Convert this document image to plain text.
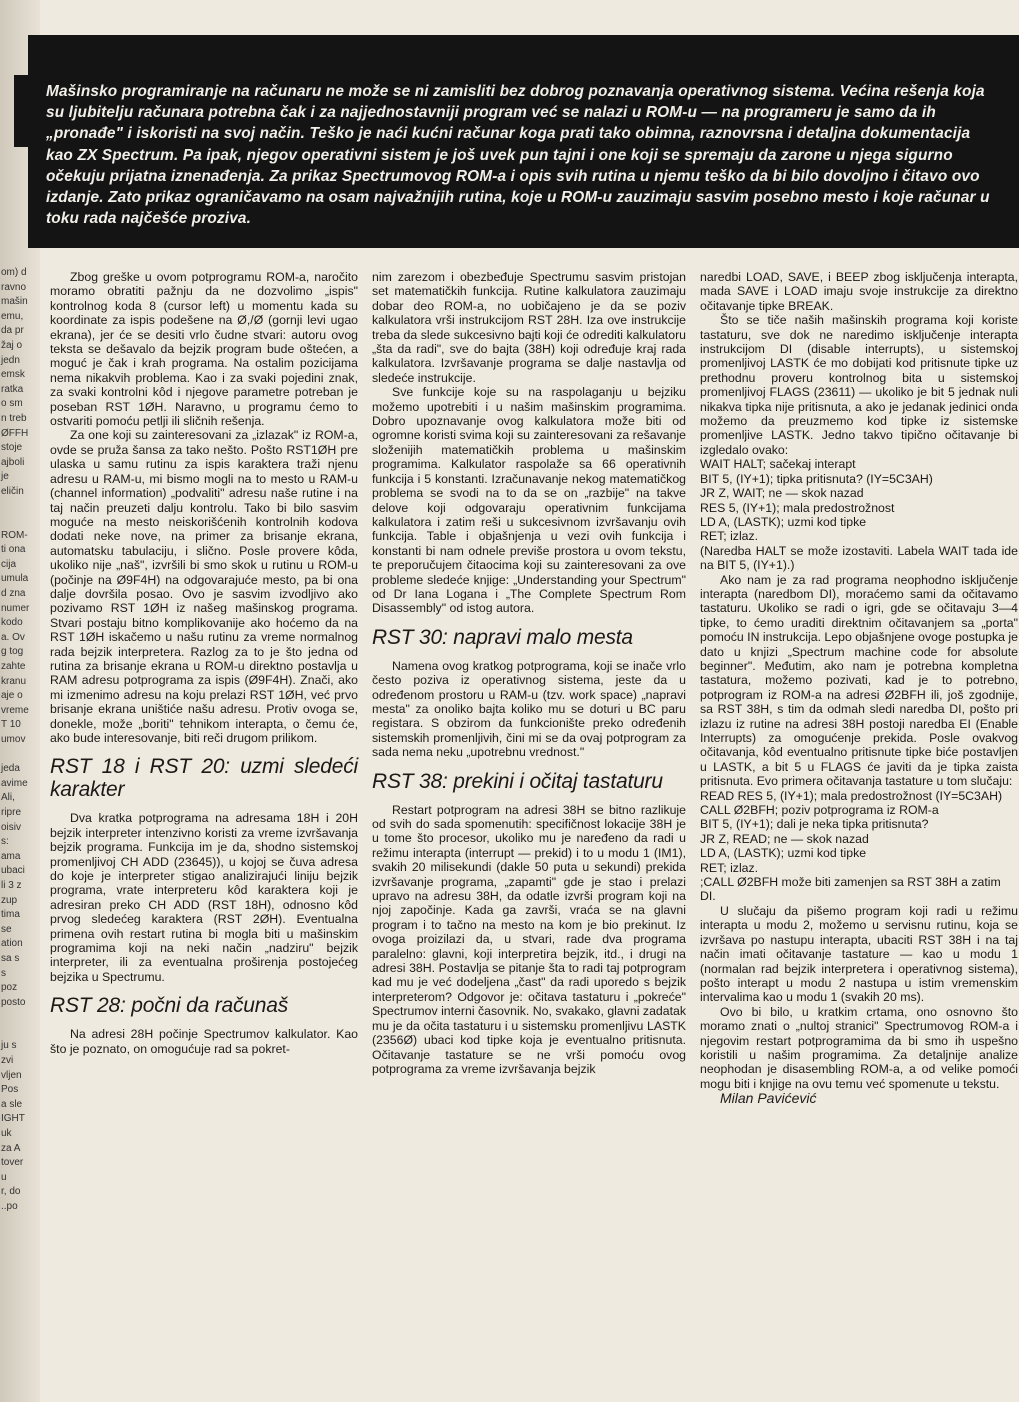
om) d
ravno
mašin
emu,
da pr
žaj o
jedn
emsk
ratka
o sm
n treb
ØFFH
stoje
ajboli
je
eličin

ROM-
ti ona
cija
umula
d zna
numer
kodo
a. Ov
g tog
zahte
kranu
aje o
vreme
T 10
umov

jeda
avime
Ali,
ripre
oisiv
s:
ama
ubaci
li 3 z
zup
tima
se
ation
sa s
s
poz
posto

ju s
zvi
vljen
Pos
a sle
IGHT
uk
za A
tover
u
r, do
..po
Mašinsko programiranje na računaru ne može se ni zamisliti bez dobrog poznavanja operativnog sistema. Većina rešenja koja su ljubitelju računara potrebna čak i za najjednostavniji program već se nalazi u ROM-u — na programeru je samo da ih „pronađe" i iskoristi na svoj način. Teško je naći kućni računar koga prati tako obimna, raznovrsna i detaljna dokumentacija kao ZX Spectrum. Pa ipak, njegov operativni sistem je još uvek pun tajni i one koji se spremaju da zarone u njega sigurno očekuju prijatna iznenađenja. Za prikaz Spectrumovog ROM-a i opis svih rutina u njemu teško da bi bilo dovoljno i čitavo ovo izdanje. Zato prikaz ograničavamo na osam najvažnijih rutina, koje u ROM-u zauzimaju sasvim posebno mesto i koje računar u toku rada najčešće proziva.

Zbog greške u ovom potprogramu ROM-a, naročito moramo obratiti pažnju da ne dozvolimo „ispis" kontrolnog koda 8 (cursor left) u momentu kada su koordinate za ispis podešene na Ø,/Ø (gornji levi ugao ekrana), jer će se desiti vrlo čudne stvari: autoru ovog teksta se dešavalo da bejzik program bude oštećen, a moguć je čak i krah programa. Na ostalim pozicijama nema nikakvih problema. Kao i za svaki pojedini znak, za svaki kontrolni kôd i njegove parametre potreban je poseban RST 1ØH. Naravno, u programu ćemo to ostvariti pomoću petlji ili sličnih rešenja.

Za one koji su zainteresovani za „izlazak" iz ROM-a, ovde se pruža šansa za tako nešto. Pošto RST1ØH pre ulaska u samu rutinu za ispis karaktera traži njenu adresu u RAM-u, mi bismo mogli na to mesto u RAM-u (channel information) „podvaliti" adresu naše rutine i na taj način preuzeti dalju kontrolu. Tako bi bilo sasvim moguće na mesto neiskorišćenih kontrolnih kodova dodati neke nove, na primer za brisanje ekrana, automatsku tabulaciju, i slično. Posle provere kôda, ukoliko nije „naš", izvršili bi smo skok u rutinu u ROM-u (počinje na Ø9F4H) na odgovarajuće mesto, pa bi ona dalje dovršila posao. Ovo je sasvim izvodljivo ako pozivamo RST 1ØH iz našeg mašinskog programa. Stvari postaju bitno komplikovanije ako hoćemo da na RST 1ØH iskačemo u našu rutinu za vreme normalnog rada bejzik interpretera. Razlog za to je što jedna od rutina za brisanje ekrana u ROM-u direktno postavlja u RAM adresu potprograma za ispis (Ø9F4H). Znači, ako mi izmenimo adresu na koju prelazi RST 1ØH, već prvo brisanje ekrana uništiće našu adresu. Protiv ovoga se, donekle, može „boriti" tehnikom interapta, o čemu će, ako bude interesovanje, biti reči drugom prilikom.

RST 18 i RST 20: uzmi sledeći karakter

Dva kratka potprograma na adresama 18H i 20H bejzik interpreter intenzivno koristi za vreme izvršavanja bejzik programa. Funkcija im je da, shodno sistemskoj promenljivoj CH ADD (23645)), u kojoj se čuva adresa do koje je interpreter stigao analizirajući liniju bejzik programa, vrate interpreteru kôd karaktera koji je adresiran preko CH ADD (RST 18H), odnosno kôd prvog sledećeg karaktera (RST 2ØH). Eventualna primena ovih restart rutina bi mogla biti u mašinskim programima koji na neki način „nadziru" bejzik interpreter, ili za eventualna proširenja postojećeg bejzika u Spectrumu.

RST 28: počni da računaš

Na adresi 28H počinje Spectrumov kalkulator. Kao što je poznato, on omogućuje rad sa pokret-

nim zarezom i obezbeđuje Spectrumu sasvim pristojan set matematičkih funkcija. Rutine kalkulatora zauzimaju dobar deo ROM-a, no uobičajeno je da se poziv kalkulatora vrši instrukcijom RST 28H. Iza ove instrukcije treba da slede sukcesivno bajti koji će odrediti kalkulatoru „šta da radi", sve do bajta (38H) koji određuje kraj rada kalkulatora. Izvršavanje programa se dalje nastavlja od sledeće instrukcije.

Sve funkcije koje su na raspolaganju u bejziku možemo upotrebiti i u našim mašinskim programima. Dobro upoznavanje ovog kalkulatora može biti od ogromne koristi svima koji su zainteresovani za rešavanje složenijih matematičkih problema u mašinskim programima. Kalkulator raspolaže sa 66 operativnih funkcija i 5 konstanti. Izračunavanje nekog matematičkog problema se svodi na to da se on „razbije" na takve delove koji odgovaraju operativnim funkcijama kalkulatora i zatim reši u sukcesivnom izvršavanju ovih funkcija. Table i objašnjenja u vezi ovih funkcija i konstanti bi nam odnele previše prostora u ovom tekstu, te preporučujem čitaocima koji su zainteresovani za ove probleme sledeće knjige: „Understanding your Spectrum" od Dr Iana Logana i „The Complete Spectrum Rom Disassembly" od istog autora.

RST 30: napravi malo mesta

Namena ovog kratkog potprograma, koji se inače vrlo često poziva iz operativnog sistema, jeste da u određenom prostoru u RAM-u (tzv. work space) „napravi mesta" za onoliko bajta koliko mu se doturi u BC paru registara. S obzirom da funkcionište preko određenih sistemskih promenljivih, čini mi se da ovaj potprogram za sada nema neku „upotrebnu vrednost."

RST 38: prekini i očitaj tastaturu

Restart potprogram na adresi 38H se bitno razlikuje od svih do sada spomenutih: specifičnost lokacije 38H je u tome što procesor, ukoliko mu je naređeno da radi u režimu interapta (interrupt — prekid) i to u modu 1 (IM1), svakih 20 milisekundi (dakle 50 puta u sekundi) prekida izvršavanje programa, „zapamti" gde je stao i prelazi upravo na adresu 38H, da odatle izvrši program koji na njoj započinje. Kada ga završi, vraća se na glavni program i to tačno na mesto na kom je bio prekinut. Iz ovoga proizilazi da, u stvari, rade dva programa paralelno: glavni, koji interpretira bejzik, itd., i drugi na adresi 38H. Postavlja se pitanje šta to radi taj potprogram kad mu je već dodeljena „čast" da radi uporedo s bejzik interpreterom? Odgovor je: očitava tastaturu i „pokreće" Spectrumov interni časovnik. No, svakako, glavni zadatak mu je da očita tastaturu i u sistemsku promenljivu LASTK (2356Ø) ubaci kod tipke koja je eventualno pritisnuta. Očitavanje tastature se ne vrši pomoću ovog potprograma za vreme izvršavanja bejzik

naredbi LOAD, SAVE, i BEEP zbog isključenja interapta, mada SAVE i LOAD imaju svoje instrukcije za direktno očitavanje tipke BREAK.

Što se tiče naših mašinskih programa koji koriste tastaturu, sve dok ne naredimo isključenje interapta instrukcijom DI (disable interrupts), u sistemskoj promenljivoj LASTK će mo dobijati kod pritisnute tipke uz prethodnu proveru kontrolnog bita u sistemskoj promenljivoj FLAGS (23611) — ukoliko je bit 5 jednak nuli nikakva tipka nije pritisnuta, a ako je jedanak jedinici onda možemo da preuzmemo kod tipke iz sistemske promenljive LASTK. Jedno takvo tipično očitavanje bi izgledalo ovako:

WAIT HALT; sačekaj interapt

BIT 5, (IY+1); tipka pritisnuta? (IY=5C3AH)

JR Z, WAIT; ne — skok nazad

RES 5, (IY+1); mala predostrožnost

LD A, (LASTK); uzmi kod tipke

RET; izlaz.

(Naredba HALT se može izostaviti. Labela WAIT tada ide na BIT 5, (IY+1).)

Ako nam je za rad programa neophodno isključenje interapta (naredbom DI), moraćemo sami da očitavamo tastaturu. Ukoliko se radi o igri, gde se očitavaju 3—4 tipke, to ćemo uraditi direktnim očitavanjem sa „porta" pomoću IN instrukcija. Lepo objašnjene ovoge postupka je dato u knjizi „Spectrum machine code for absolute beginner". Međutim, ako nam je potrebna kompletna tastatura, možemo pozivati, kad je to potrebno, potprogram iz ROM-a na adresi Ø2BFH ili, još zgodnije, sa RST 38H, s tim da odmah sledi naredba DI, pošto pri izlazu iz rutine na adresi 38H postoji naredba EI (Enable Interrupts) za omogućenje prekida. Posle ovakvog očitavanja, kôd eventualno pritisnute tipke biće postavljen u LASTK, a bit 5 u FLAGS će javiti da je tipka zaista pritisnuta. Evo primera očitavanja tastature u tom slučaju:

READ RES 5, (IY+1); mala predostrožnost (IY=5C3AH)

CALL Ø2BFH; poziv potprograma iz ROM-a

BIT 5, (IY+1); dali je neka tipka pritisnuta?

JR Z, READ; ne — skok nazad

LD A, (LASTK); uzmi kod tipke

RET; izlaz.

;CALL Ø2BFH može biti zamenjen sa RST 38H a zatim DI.

U slučaju da pišemo program koji radi u režimu interapta u modu 2, možemo u servisnu rutinu, koja se izvršava po nastupu interapta, ubaciti RST 38H i na taj način imati očitavanje tastature — kao u modu 1 (normalan rad bejzik interpretera i operativnog sistema), pošto interapt u modu 2 nastupa u istim vremenskim intervalima kao u modu 1 (svakih 20 ms).

Ovo bi bilo, u kratkim crtama, ono osnovno što moramo znati o „nultoj stranici" Spectrumovog ROM-a i njegovim restart potprogramima da bi smo ih uspešno koristili u našim programima. Za detaljnije analize neophodan je disasembling ROM-a, a od velike pomoći mogu biti i knjige na ovu temu već spomenute u tekstu.

Milan Pavićević
